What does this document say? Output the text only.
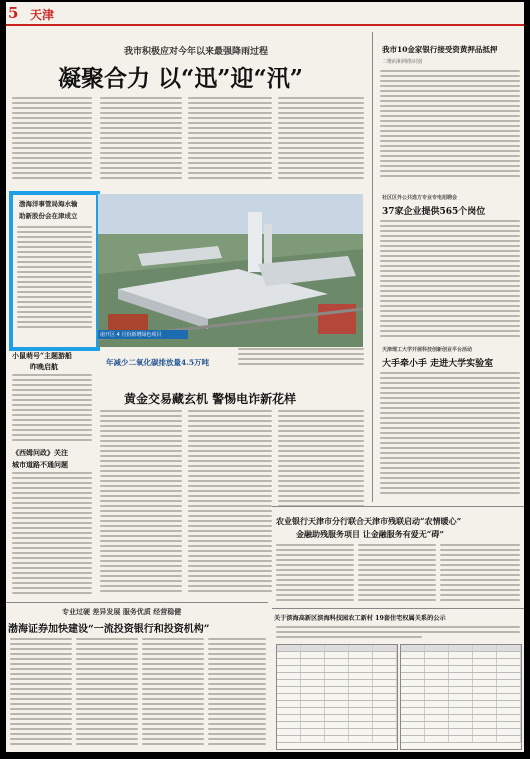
5 天津
我市积极应对今年以来最强降雨过程
凝聚合力 以“迅”迎“汛”
渤海洋事管局海水输
助新股份会在津成立
南开区 4 月份新增绿色项目
年减少二氧化碳排放量4.5万吨
小鼠萌号“主题游船
昨晚启航
《西姆问政》关注
城市道路不通问题
黄金交易藏玄机 警惕电诈新花样
我市10金家银行接受资黄押品抵押
二维码和网络识别
社区区外公共选方专业专电招聘会
37家企业提供565个岗位
天津理工大学开展科技创新创业平台活动
大手牵小手 走进大学实验室
农业银行天津市分行联合天津市残联启动“农情暖心”
金融助残服务项目 让金融服务有爱无“碍”
专业过硬 差异发展 服务优质 经营稳健
渤海证券加快建设“一流投资银行和投资机构”
关于滨海高新区滨海科技园农工新村 19套住宅权属关系的公示
